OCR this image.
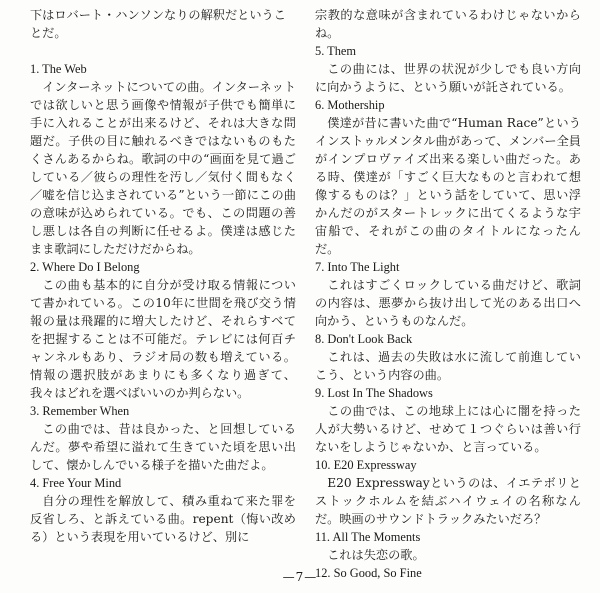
下はロバート・ハンソンなりの解釈だということだ。

1. The Web

インターネットについての曲。インターネットでは欲しいと思う画像や情報が子供でも簡単に手に入れることが出来るけど、それは大きな問題だ。子供の目に触れるべきではないものもたくさんあるからね。歌詞の中の“画面を見て過ごしている／彼らの理性を汚し／気付く間もなく／嘘を信じ込まされている”という一節にこの曲の意味が込められている。でも、この問題の善し悪しは各自の判断に任せるよ。僕達は感じたまま歌詞にしただけだからね。

2. Where Do I Belong

この曲も基本的に自分が受け取る情報について書かれている。この10年に世間を飛び交う情報の量は飛躍的に増大したけど、それらすべてを把握することは不可能だ。テレビには何百チャンネルもあり、ラジオ局の数も増えている。情報の選択肢があまりにも多くなり過ぎて、我々はどれを選べばいいのか判らない。

3. Remember When

この曲では、昔は良かった、と回想しているんだ。夢や希望に溢れて生きていた頃を思い出して、懐かしんでいる様子を描いた曲だよ。

4. Free Your Mind

自分の理性を解放して、積み重ねて来た罪を反省しろ、と訴えている曲。repent（悔い改める）という表現を用いているけど、別に

宗教的な意味が含まれているわけじゃないからね。

5. Them

この曲には、世界の状況が少しでも良い方向に向かうように、という願いが託されている。

6. Mothership

僕達が昔に書いた曲で“Human Race”というインストゥルメンタル曲があって、メンバー全員がインプロヴァイズ出来る楽しい曲だった。ある時、僕達が「すごく巨大なものと言われて想像するものは？」という話をしていて、思い浮かんだのがスタートレックに出てくるような宇宙船で、それがこの曲のタイトルになったんだ。

7. Into The Light

これはすごくロックしている曲だけど、歌詞の内容は、悪夢から抜け出して光のある出口へ向かう、というものなんだ。

8. Don't Look Back

これは、過去の失敗は水に流して前進していこう、という内容の曲。

9. Lost In The Shadows

この曲では、この地球上には心に闇を持った人が大勢いるけど、せめて１つぐらいは善い行ないをしようじゃないか、と言っている。

10. E20 Expressway

E20 Expresswayというのは、イエテボリとストックホルムを結ぶハイウェイの名称なんだ。映画のサウンドトラックみたいだろ？

11. All The Moments

これは失恋の歌。

12. So Good, So Fine
—7—
